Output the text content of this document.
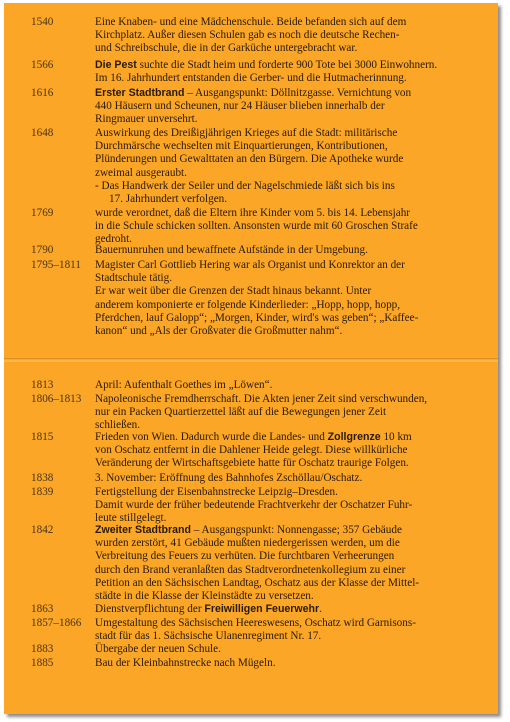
1540	Eine Knaben- und eine Mädchenschule. Beide befanden sich auf dem
Kirchplatz. Außer diesen Schulen gab es noch die deutsche Rechen-
und Schreibschule, die in der Garküche untergebracht war.
1566	Die Pest suchte die Stadt heim und forderte 900 Tote bei 3000 Einwohnern.
Im 16. Jahrhundert entstanden die Gerber- und die Hutmacherinnung.
1616	Erster Stadtbrand – Ausgangspunkt: Döllnitzgasse. Vernichtung von
440 Häusern und Scheunen, nur 24 Häuser blieben innerhalb der
Ringmauer unversehrt.
1648	Auswirkung des Dreißigjährigen Krieges auf die Stadt: militärische
Durchmärsche wechselten mit Einquartierungen, Kontributionen,
Plünderungen und Gewalttaten an den Bürgern. Die Apotheke wurde
zweimal ausgeraubt.
- Das Handwerk der Seiler und der Nagelschmiede läßt sich bis ins
17. Jahrhundert verfolgen.
1769	wurde verordnet, daß die Eltern ihre Kinder vom 5. bis 14. Lebensjahr
in die Schule schicken sollten. Ansonsten wurde mit 60 Groschen Strafe
gedroht.
1790	Bauernunruhen und bewaffnete Aufstände in der Umgebung.
1795–1811 Magister Carl Gottlieb Hering war als Organist und Konrektor an der
Stadtschule tätig.
Er war weit über die Grenzen der Stadt hinaus bekannt. Unter
anderem komponierte er folgende Kinderlieder: „Hopp, hopp, hopp,
Pferdchen, lauf Galopp“; „Morgen, Kinder, wird's was geben“; „Kaffee-
kanon“ und „Als der Großvater die Großmutter nahm“.
1813	April: Aufenthalt Goethes im „Löwen“.
1806–1813 Napoleonische Fremdherrschaft. Die Akten jener Zeit sind verschwunden,
nur ein Packen Quartierzettel läßt auf die Bewegungen jener Zeit
schließen.
1815	Frieden von Wien. Dadurch wurde die Landes- und Zollgrenze 10 km
von Oschatz entfernt in die Dahlener Heide gelegt. Diese willkürliche
Veränderung der Wirtschaftsgebiete hatte für Oschatz traurige Folgen.
1838	3. November: Eröffnung des Bahnhofes Zschöllau/Oschatz.
1839	Fertigstellung der Eisenbahnstrecke Leipzig–Dresden.
Damit wurde der früher bedeutende Frachtverkehr der Oschatzer Fuhr-
leute stillgelegt.
1842	Zweiter Stadtbrand – Ausgangspunkt: Nonnengasse; 357 Gebäude
wurden zerstört, 41 Gebäude mußten niedergerissen werden, um die
Verbreitung des Feuers zu verhüten. Die furchtbaren Verheerungen
durch den Brand veranlaßten das Stadtverordnetenkollegium zu einer
Petition an den Sächsischen Landtag, Oschatz aus der Klasse der Mittel-
städte in die Klasse der Kleinstädte zu versetzen.
1863	Dienstverpflichtung der Freiwilligen Feuerwehr.
1857–1866 Umgestaltung des Sächsischen Heereswesens, Oschatz wird Garnisons-
stadt für das 1. Sächsische Ulanenregiment Nr. 17.
1883	Übergabe der neuen Schule.
1885	Bau der Kleinbahnstrecke nach Mügeln.
